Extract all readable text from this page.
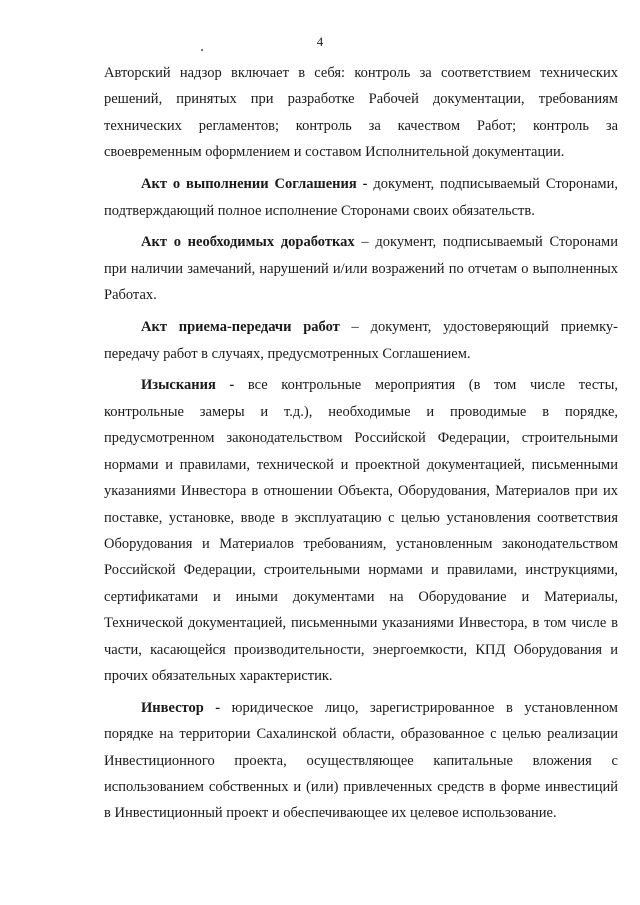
4

Авторский надзор включает в себя: контроль за соответствием технических решений, принятых при разработке Рабочей документации, требованиям технических регламентов; контроль за качеством Работ; контроль за своевременным оформлением и составом Исполнительной документации.

Акт о выполнении Соглашения - документ, подписываемый Сторонами, подтверждающий полное исполнение Сторонами своих обязательств.

Акт о необходимых доработках – документ, подписываемый Сторонами при наличии замечаний, нарушений и/или возражений по отчетам о выполненных Работах.

Акт приема-передачи работ – документ, удостоверяющий приемку-передачу работ в случаях, предусмотренных Соглашением.

Изыскания - все контрольные мероприятия (в том числе тесты, контрольные замеры и т.д.), необходимые и проводимые в порядке, предусмотренном законодательством Российской Федерации, строительными нормами и правилами, технической и проектной документацией, письменными указаниями Инвестора в отношении Объекта, Оборудования, Материалов при их поставке, установке, вводе в эксплуатацию с целью установления соответствия Оборудования и Материалов требованиям, установленным законодательством Российской Федерации, строительными нормами и правилами, инструкциями, сертификатами и иными документами на Оборудование и Материалы, Технической документацией, письменными указаниями Инвестора, в том числе в части, касающейся производительности, энергоемкости, КПД Оборудования и прочих обязательных характеристик.

Инвестор - юридическое лицо, зарегистрированное в установленном порядке на территории Сахалинской области, образованное с целью реализации Инвестиционного проекта, осуществляющее капитальные вложения с использованием собственных и (или) привлеченных средств в форме инвестиций в Инвестиционный проект и обеспечивающее их целевое использование.
